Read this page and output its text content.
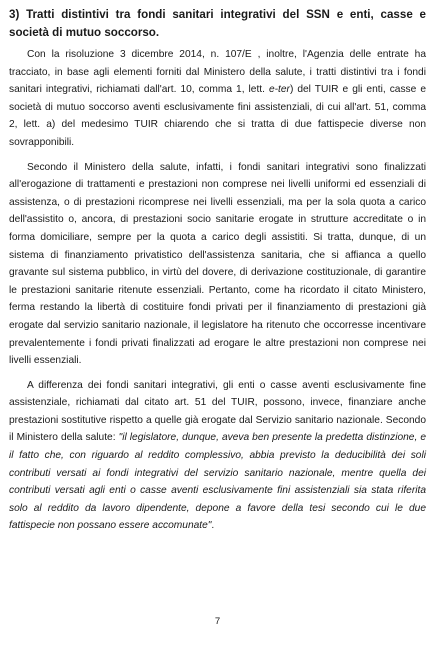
3) Tratti distintivi tra fondi sanitari integrativi del SSN e enti, casse e società di mutuo soccorso.

Con la risoluzione 3 dicembre 2014, n. 107/E , inoltre, l'Agenzia delle entrate ha tracciato, in base agli elementi forniti dal Ministero della salute, i tratti distintivi tra i fondi sanitari integrativi, richiamati dall'art. 10, comma 1, lett. e-ter) del TUIR e gli enti, casse e società di mutuo soccorso aventi esclusivamente fini assistenziali, di cui all'art. 51, comma 2, lett. a) del medesimo TUIR chiarendo che si tratta di due fattispecie diverse non sovrapponibili.

Secondo il Ministero della salute, infatti, i fondi sanitari integrativi sono finalizzati all'erogazione di trattamenti e prestazioni non comprese nei livelli uniformi ed essenziali di assistenza, o di prestazioni ricomprese nei livelli essenziali, ma per la sola quota a carico dell'assistito o, ancora, di prestazioni socio sanitarie erogate in strutture accreditate o in forma domiciliare, sempre per la quota a carico degli assistiti. Si tratta, dunque, di un sistema di finanziamento privatistico dell'assistenza sanitaria, che si affianca a quello gravante sul sistema pubblico, in virtù del dovere, di derivazione costituzionale, di garantire le prestazioni sanitarie ritenute essenziali. Pertanto, come ha ricordato il citato Ministero, ferma restando la libertà di costituire fondi privati per il finanziamento di prestazioni già erogate dal servizio sanitario nazionale, il legislatore ha ritenuto che occorresse incentivare prevalentemente i fondi privati finalizzati ad erogare le altre prestazioni non comprese nei livelli essenziali.

A differenza dei fondi sanitari integrativi, gli enti o casse aventi esclusivamente fine assistenziale, richiamati dal citato art. 51 del TUIR, possono, invece, finanziare anche prestazioni sostitutive rispetto a quelle già erogate dal Servizio sanitario nazionale. Secondo il Ministero della salute: "il legislatore, dunque, aveva ben presente la predetta distinzione, e il fatto che, con riguardo al reddito complessivo, abbia previsto la deducibilità dei soli contributi versati ai fondi integrativi del servizio sanitario nazionale, mentre quella dei contributi versati agli enti o casse aventi esclusivamente fini assistenziali sia stata riferita solo al reddito da lavoro dipendente, depone a favore della tesi secondo cui le due fattispecie non possano essere accomunate".

7
